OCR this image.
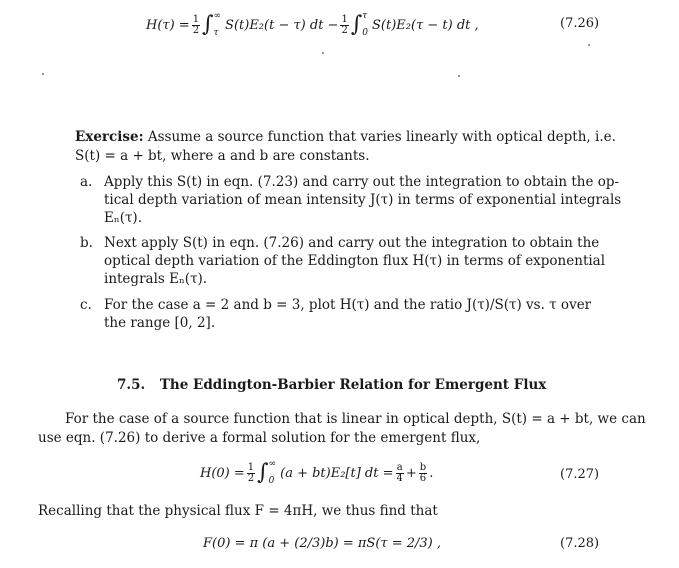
$H(\tau) = \frac{1}{2}$ ∫ ∞
τ
S(t)E₂(t − τ) dt − $\frac{1}{2}$ ∫ τ
0
S(t)E₂(τ − t) dt ,	(7.26)
Exercise: Assume a source function that varies linearly with optical depth, i.e.
S(t) = a + bt, where a and b are constants.
a. Apply this S(t) in eqn. (7.23) and carry out the integration to obtain the op-
tical depth variation of mean intensity J(τ) in terms of exponential integrals
Eₙ(τ).
b. Next apply S(t) in eqn. (7.26) and carry out the integration to obtain the
optical depth variation of the Eddington flux H(τ) in terms of exponential
integrals Eₙ(τ).
c. For the case a = 2 and b = 3, plot H(τ) and the ratio J(τ)/S(τ) vs. τ over
the range [0, 2].
7.5. The Eddington-Barbier Relation for Emergent Flux
For the case of a source function that is linear in optical depth, S(t) = a + bt, we can
use eqn. (7.26) to derive a formal solution for the emergent flux,
$H(0) = \frac{1}{2}$ ∫ ∞
0
(a + bt)E₂[t] dt = $\frac{a}{4} + \frac{b}{6}$ .	(7.27)
Recalling that the physical flux F = 4πH, we thus find that
F(0) = π (a + (2/3)b) = πS(τ = 2/3) ,	(7.28)
